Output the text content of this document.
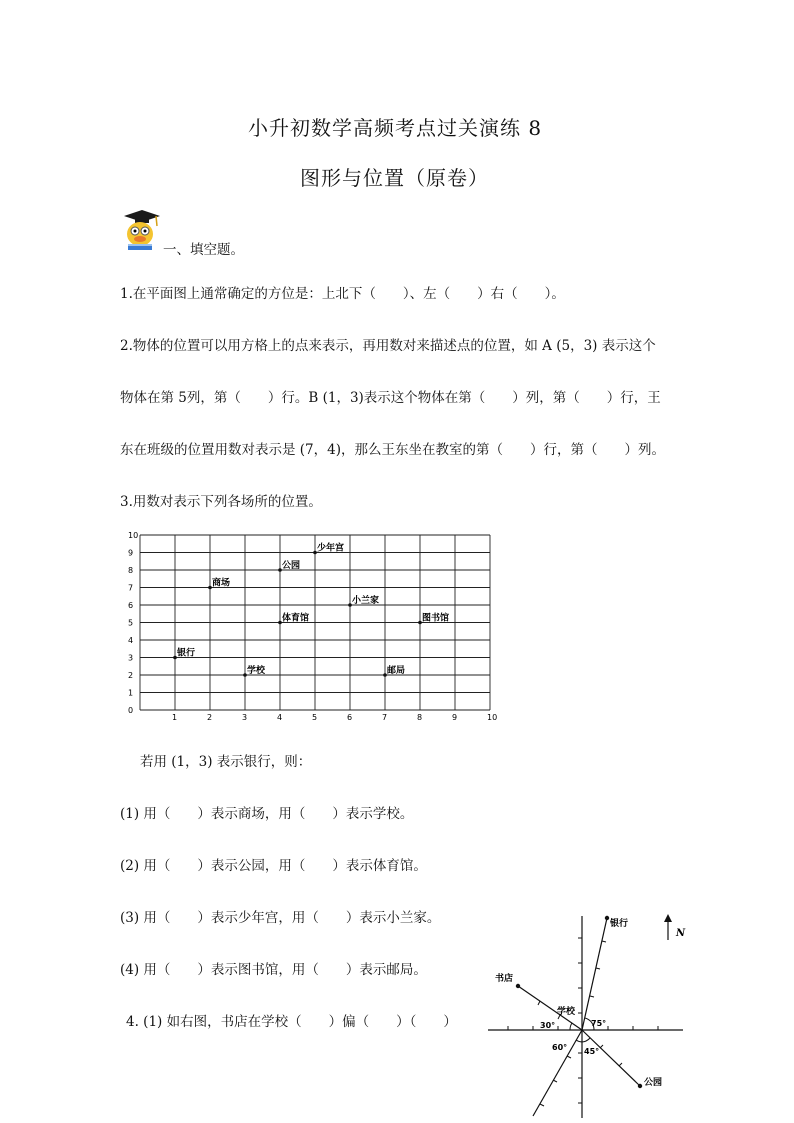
小升初数学高频考点过关演练 8
图形与位置（原卷）
一、填空题。
1.在平面图上通常确定的方位是：上北下（　　）、左（　　）右（　　）。
2.物体的位置可以用方格上的点来表示，再用数对来描述点的位置，如 A (5，3) 表示这个
物体在第 5列，第（　　）行。B (1，3)表示这个物体在第（　　）列，第（　　）行，王
东在班级的位置用数对表示是 (7，4)，那么王东坐在教室的第（　　）行，第（　　）列。
3.用数对表示下列各场所的位置。
1	2	3	4	5	6	7	8	9	10
0
1
2
3
4
5
6
7
8
9
10
少年宫
公园
商场
小兰家
体育馆	图书馆
银行
学校	邮局
若用 (1，3) 表示银行，则：
(1) 用（　　）表示商场，用（　　）表示学校。
(2) 用（　　）表示公园，用（　　）表示体育馆。
(3) 用（　　）表示少年宫，用（　　）表示小兰家。
(4) 用（　　）表示图书馆，用（　　）表示邮局。
4. (1) 如右图，书店在学校（　　）偏（　　）（　　）
N
银行
书店
公园
学校
30°	75°
60° 45°
